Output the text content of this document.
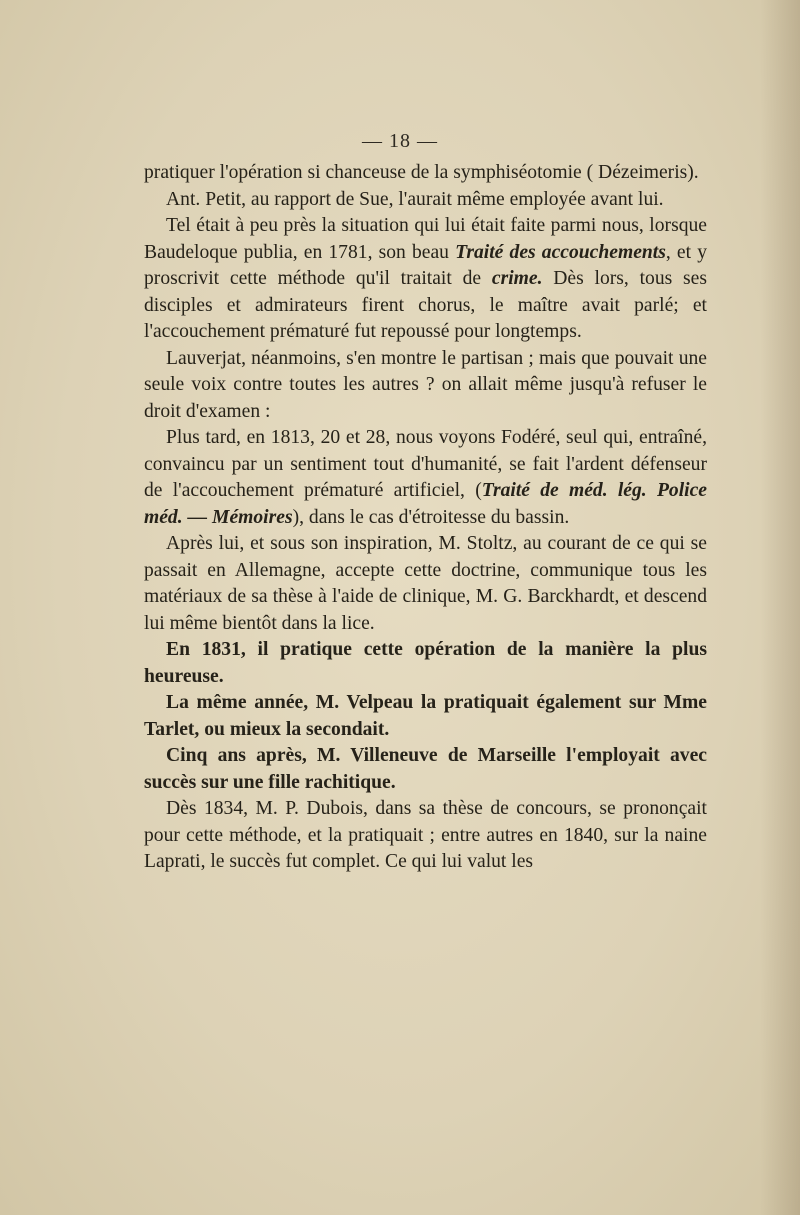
— 18 —

pratiquer l'opération si chanceuse de la symphiséotomie ( Dézeimeris).

Ant. Petit, au rapport de Sue, l'aurait même employée avant lui.

Tel était à peu près la situation qui lui était faite parmi nous, lorsque Baudeloque publia, en 1781, son beau Traité des accouchements, et y proscrivit cette méthode qu'il traitait de crime. Dès lors, tous ses disciples et admirateurs firent chorus, le maître avait parlé; et l'accouchement prématuré fut repoussé pour longtemps.

Lauverjat, néanmoins, s'en montre le partisan ; mais que pouvait une seule voix contre toutes les autres ? on allait même jusqu'à refuser le droit d'examen :

Plus tard, en 1813, 20 et 28, nous voyons Fodéré, seul qui, entraîné, convaincu par un sentiment tout d'humanité, se fait l'ardent défenseur de l'accouchement prématuré artificiel, (Traité de méd. lég. Police méd. — Mémoires), dans le cas d'étroitesse du bassin.

Après lui, et sous son inspiration, M. Stoltz, au courant de ce qui se passait en Allemagne, accepte cette doctrine, communique tous les matériaux de sa thèse à l'aide de clinique, M. G. Barckhardt, et descend lui même bientôt dans la lice.

En 1831, il pratique cette opération de la manière la plus heureuse.

La même année, M. Velpeau la pratiquait également sur Mme Tarlet, ou mieux la secondait.

Cinq ans après, M. Villeneuve de Marseille l'employait avec succès sur une fille rachitique.

Dès 1834, M. P. Dubois, dans sa thèse de concours, se prononçait pour cette méthode, et la pratiquait ; entre autres en 1840, sur la naine Laprati, le succès fut complet. Ce qui lui valut les
